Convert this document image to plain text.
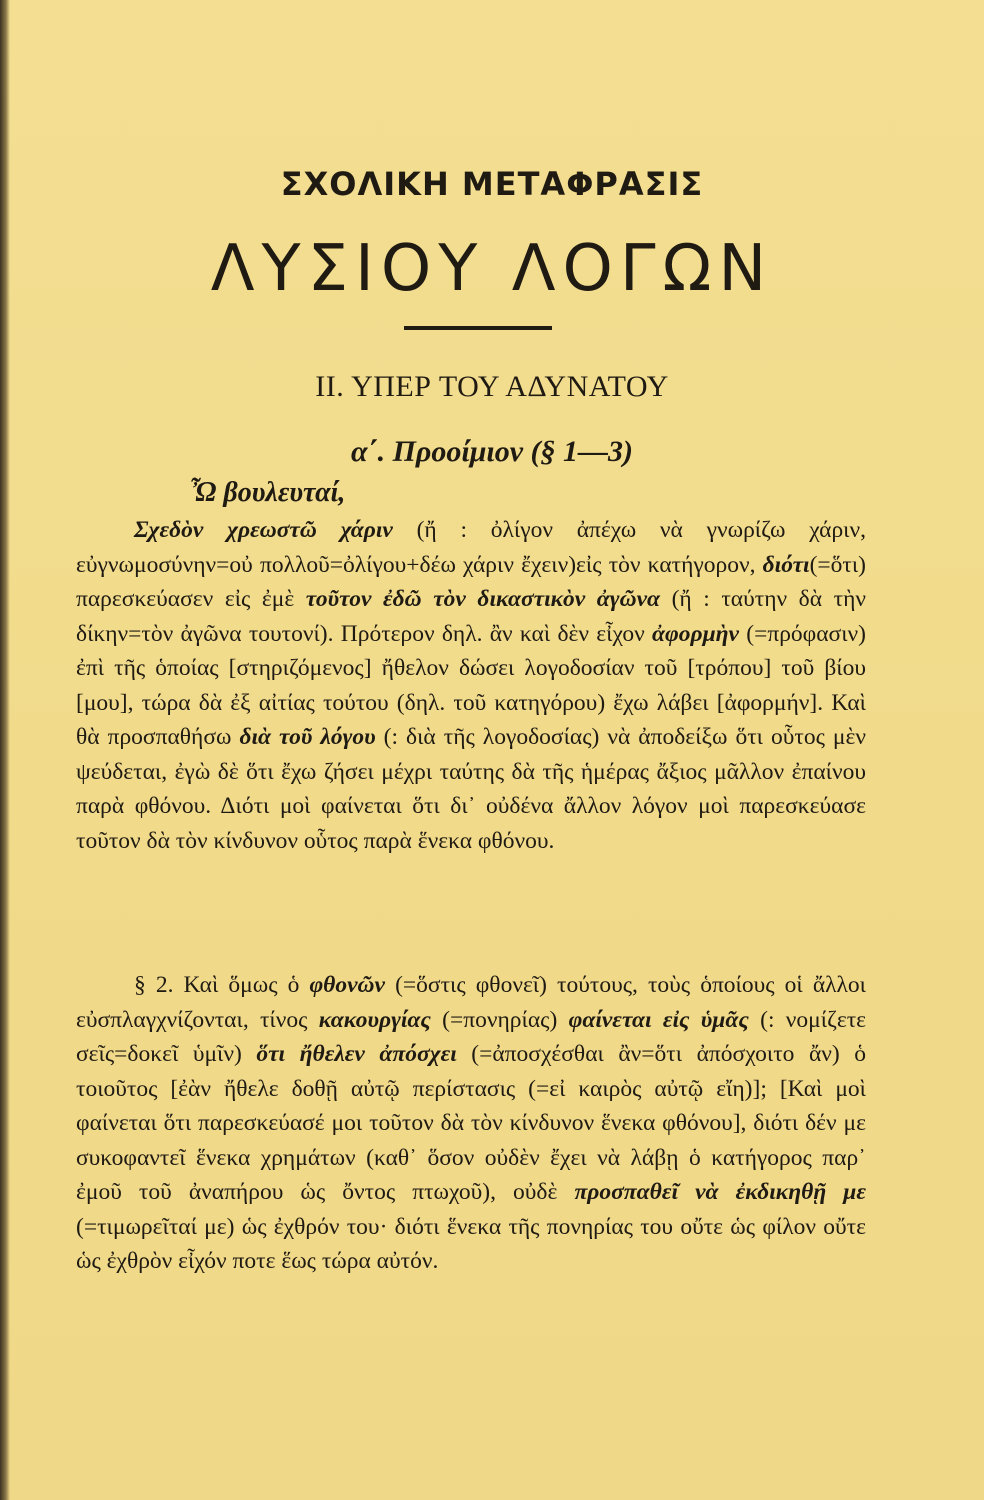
ΣΧΟΛΙΚΗ ΜΕΤΑΦΡΑΣΙΣ
ΛΥΣΙΟΥ ΛΟΓΩΝ
ΙΙ. ΥΠΕΡ ΤΟΥ ΑΔΥΝΑΤΟΥ
α΄. Προοίμιον (§ 1—3)
Ὦ βουλευταί,
Σχεδὸν χρεωστῶ χάριν (ἤ : ὀλίγον ἀπέχω νὰ γνωρίζω χάριν, εὐγνωμοσύνην=οὐ πολλοῦ=ὀλίγου+δέω χάριν ἔχειν)εἰς τὸν κατήγορον, διότι(=ὅτι) παρεσκεύασεν εἰς ἐμὲ τοῦτον ἐδῶ τὸν δικαστικὸν ἀγῶνα (ἤ : ταύτην δὰ τὴν δίκην=τὸν ἀγῶνα τουτονί). Πρότερον δηλ. ἂν καὶ δὲν εἶχον ἀφορμὴν (=πρόφασιν) ἐπὶ τῆς ὁποίας [στηριζόμενος] ἤθελον δώσει λογοδοσίαν τοῦ [τρόπου] τοῦ βίου [μου], τώρα δὰ ἐξ αἰτίας τούτου (δηλ. τοῦ κατηγόρου) ἔχω λάβει [ἀφορμήν]. Καὶ θὰ προσπαθήσω διὰ τοῦ λόγου (: διὰ τῆς λογοδοσίας) νὰ ἀποδείξω ὅτι οὗτος μὲν ψεύδεται, ἐγὼ δὲ ὅτι ἔχω ζήσει μέχρι ταύτης δὰ τῆς ἡμέρας ἄξιος μᾶλλον ἐπαίνου παρὰ φθόνου. Διότι μοὶ φαίνεται ὅτι δι᾿ οὐδένα ἄλλον λόγον μοὶ παρεσκεύασε τοῦτον δὰ τὸν κίνδυνον οὗτος παρὰ ἕνεκα φθόνου.
§ 2. Καὶ ὅμως ὁ φθονῶν (=ὅστις φθονεῖ) τούτους, τοὺς ὁποίους οἱ ἄλλοι εὐσπλαγχνίζονται, τίνος κακουργίας (=πονηρίας) φαίνεται εἰς ὑμᾶς (: νομίζετε σεῖς=δοκεῖ ὑμῖν) ὅτι ἤθελεν ἀπόσχει (=ἀποσχέσθαι ἂν=ὅτι ἀπόσχοιτο ἄν) ὁ τοιοῦτος [ἐὰν ἤθελε δοθῇ αὐτῷ περίστασις (=εἰ καιρὸς αὐτῷ εἴη)]; [Καὶ μοὶ φαίνεται ὅτι παρεσκεύασέ μοι τοῦτον δὰ τὸν κίνδυνον ἕνεκα φθόνου], διότι δέν με συκοφαντεῖ ἕνεκα χρημάτων (καθ᾿ ὅσον οὐδὲν ἔχει νὰ λάβῃ ὁ κατήγορος παρ᾿ ἐμοῦ τοῦ ἀναπήρου ὡς ὄντος πτωχοῦ), οὐδὲ προσπαθεῖ νὰ ἐκδικηθῇ με (=τιμωρεῖταί με) ὡς ἐχθρόν του· διότι ἕνεκα τῆς πονηρίας του οὔτε ὡς φίλον οὔτε ὡς ἐχθρὸν εἶχόν ποτε ἕως τώρα αὐτόν.
